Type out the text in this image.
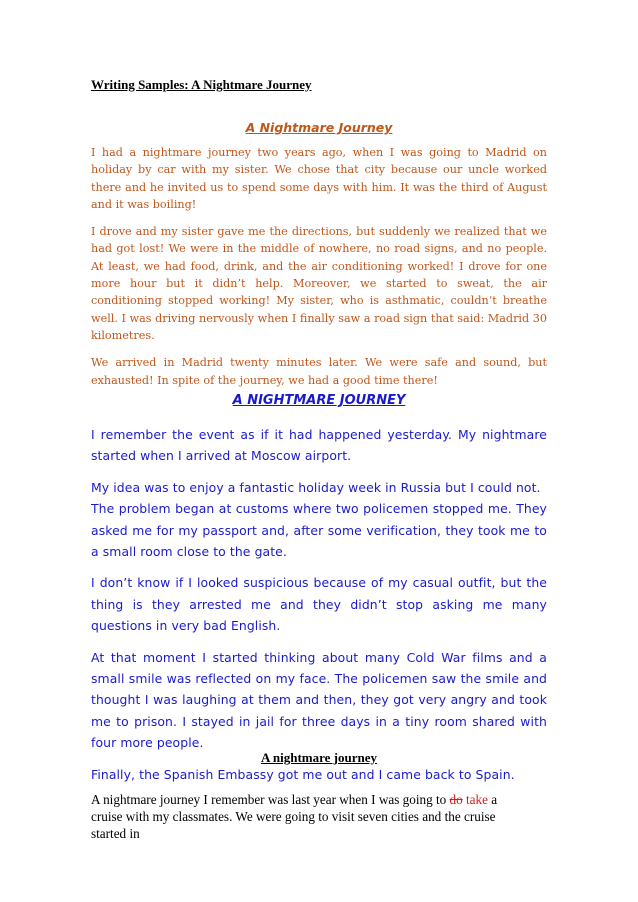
Writing Samples: A Nightmare Journey
A Nightmare Journey

I had a nightmare journey two years ago, when I was going to Madrid on holiday by car with my sister. We chose that city because our uncle worked there and he invited us to spend some days with him. It was the third of August and it was boiling!

I drove and my sister gave me the directions, but suddenly we realized that we had got lost! We were in the middle of nowhere, no road signs, and no people. At least, we had food, drink, and the air conditioning worked! I drove for one more hour but it didn’t help. Moreover, we started to sweat, the air conditioning stopped working! My sister, who is asthmatic, couldn’t breathe well. I was driving nervously when I finally saw a road sign that said: Madrid 30 kilometres.

We arrived in Madrid twenty minutes later. We were safe and sound, but exhausted! In spite of the journey, we had a good time there!

A NIGHTMARE JOURNEY

I remember the event as if it had happened yesterday. My nightmare started when I arrived at Moscow airport.

My idea was to enjoy a fantastic holiday week in Russia but I could not.

The problem began at customs where two policemen stopped me. They asked me for my passport and, after some verification, they took me to a small room close to the gate.

I don’t know if I looked suspicious because of my casual outfit, but the thing is they arrested me and they didn’t stop asking me many questions in very bad English.

At that moment I started thinking about many Cold War films and a small smile was reflected on my face. The policemen saw the smile and thought I was laughing at them and then, they got very angry and took me to prison. I stayed in jail for three days in a tiny room shared with four more people.

Finally, the Spanish Embassy got me out and I came back to Spain.

A nightmare journey

A nightmare journey I remember was last year when I was going to do take a cruise with my classmates. We were going to visit seven cities and the cruise started in
